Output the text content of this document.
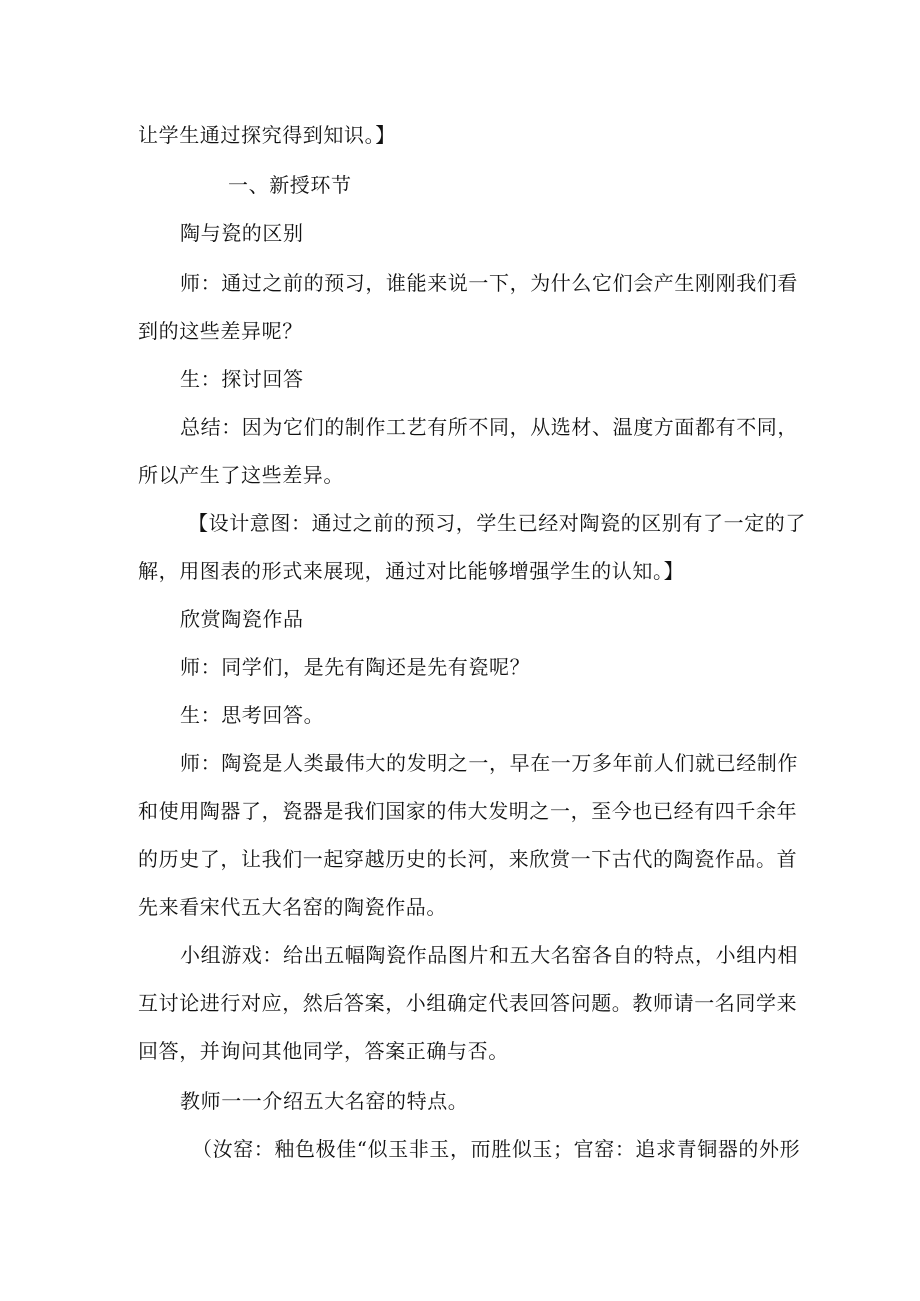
让学生通过探究得到知识。】
一、新授环节
陶与瓷的区别
师：通过之前的预习，谁能来说一下，为什么它们会产生刚刚我们看
到的这些差异呢？
生：探讨回答
总结：因为它们的制作工艺有所不同，从选材、温度方面都有不同，
所以产生了这些差异。
【设计意图：通过之前的预习，学生已经对陶瓷的区别有了一定的了
解，用图表的形式来展现，通过对比能够增强学生的认知。】
欣赏陶瓷作品
师：同学们，是先有陶还是先有瓷呢？
生：思考回答。
师：陶瓷是人类最伟大的发明之一，早在一万多年前人们就已经制作
和使用陶器了，瓷器是我们国家的伟大发明之一，至今也已经有四千余年
的历史了，让我们一起穿越历史的长河，来欣赏一下古代的陶瓷作品。首
先来看宋代五大名窑的陶瓷作品。
小组游戏：给出五幅陶瓷作品图片和五大名窑各自的特点，小组内相
互讨论进行对应，然后答案，小组确定代表回答问题。教师请一名同学来
回答，并询问其他同学，答案正确与否。
教师一一介绍五大名窑的特点。
（汝窑：釉色极佳“似玉非玉，而胜似玉；官窑：追求青铜器的外形
